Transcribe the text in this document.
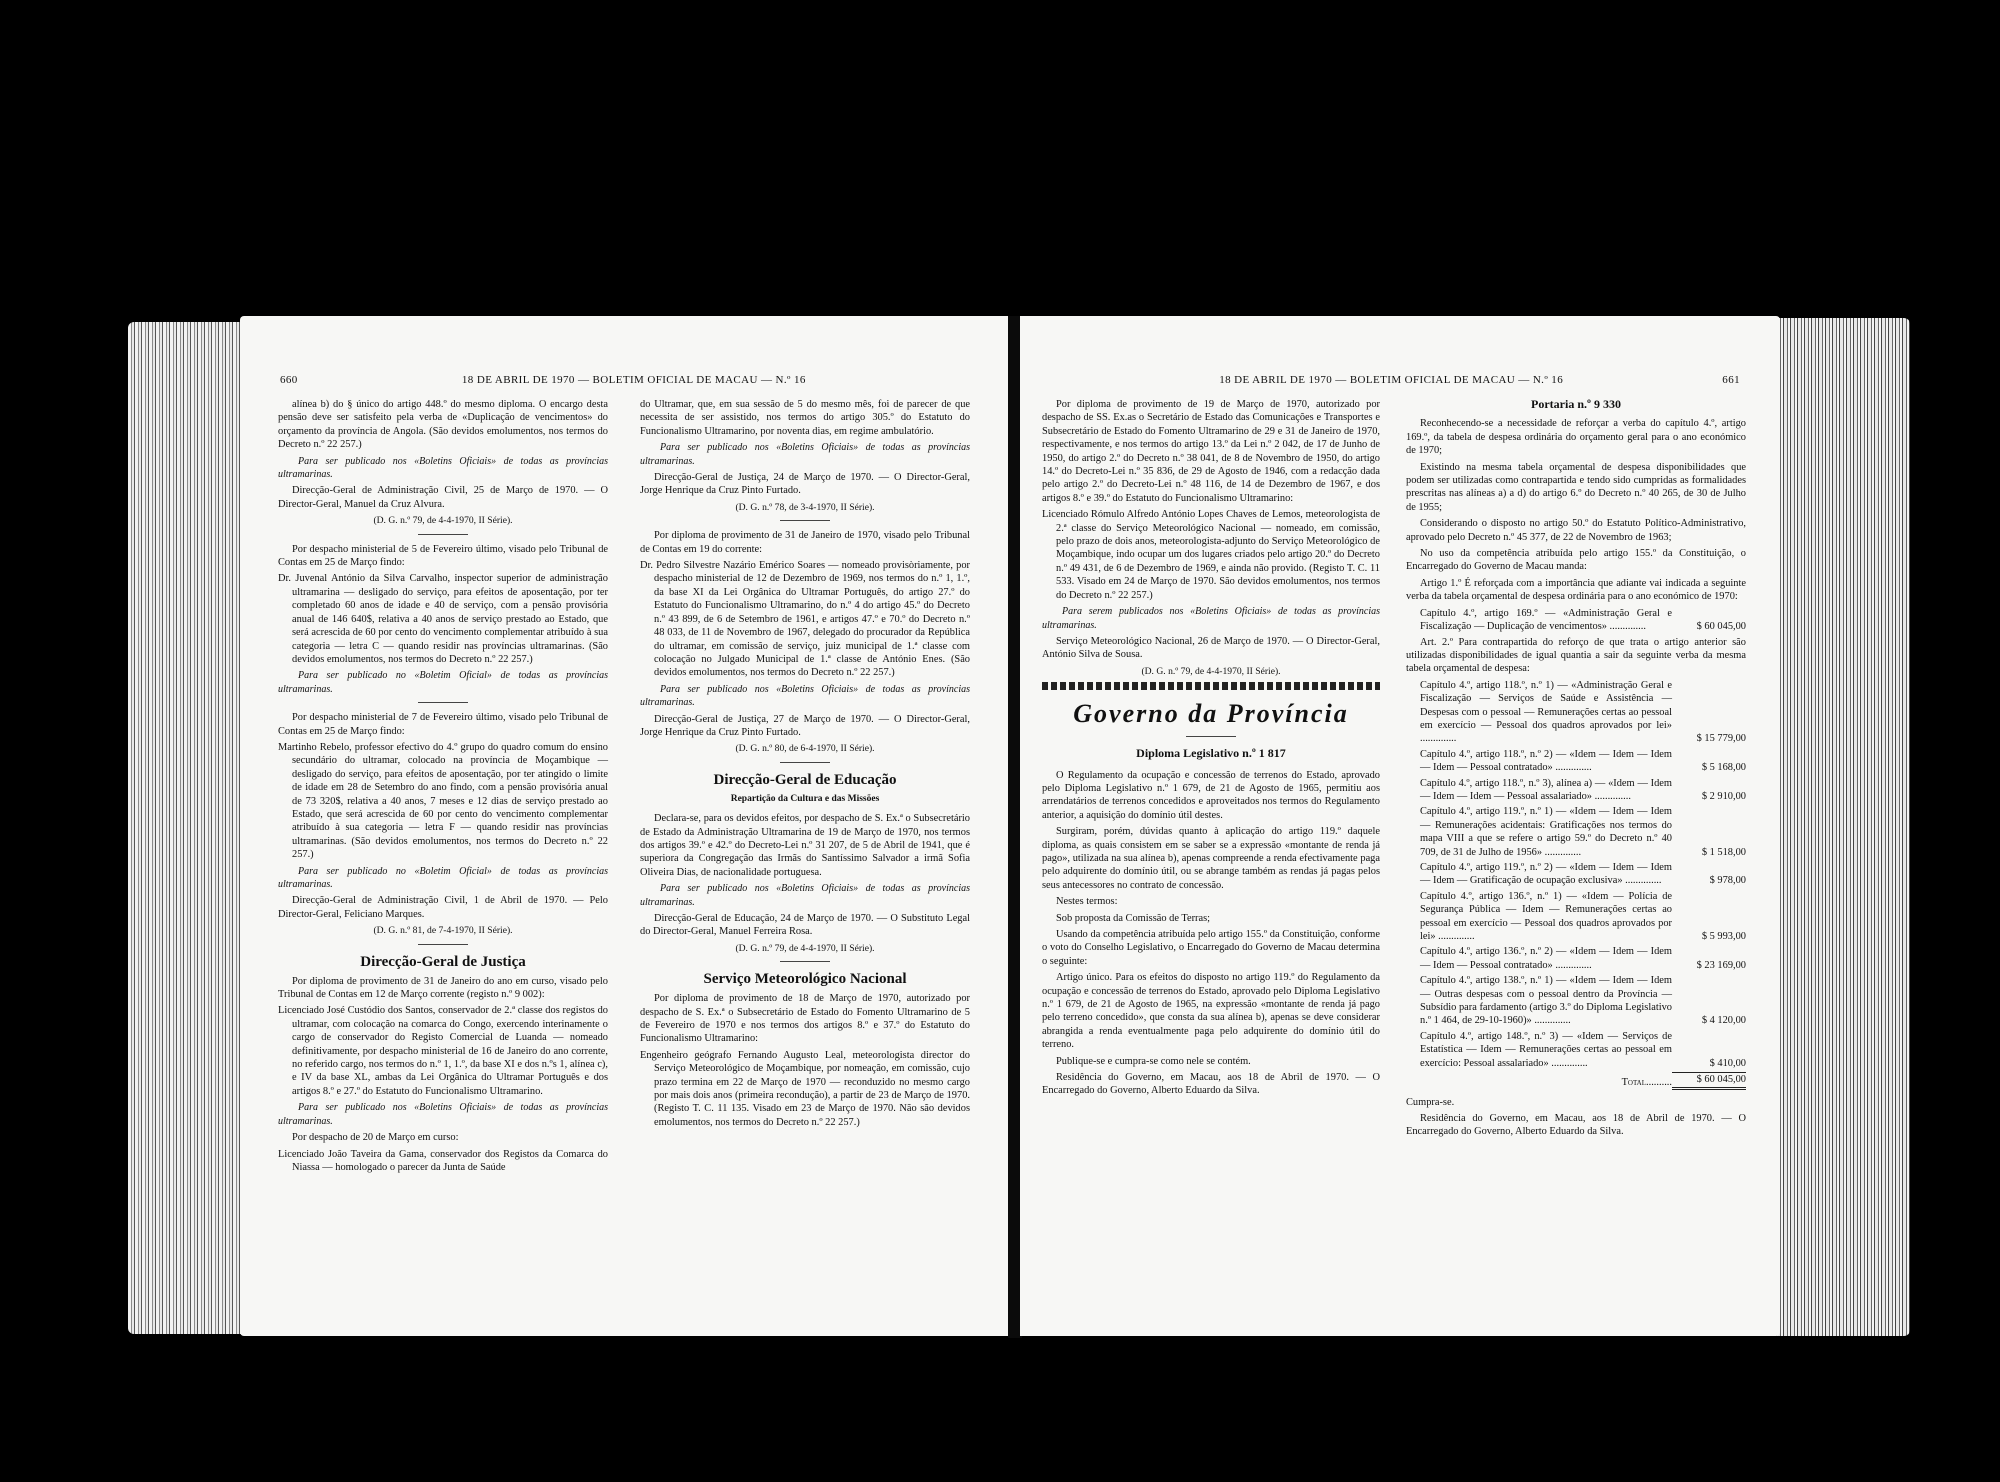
660	18 DE ABRIL DE 1970 — BOLETIM OFICIAL DE MACAU — N.º 16

alínea b) do § único do artigo 448.º do mesmo diploma. O encargo desta pensão deve ser satisfeito pela verba de «Duplicação de vencimentos» do orçamento da província de Angola. (São devidos emolumentos, nos termos do Decreto n.º 22 257.)

Para ser publicado nos «Boletins Oficiais» de todas as províncias ultramarinas.

Direcção-Geral de Administração Civil, 25 de Março de 1970. — O Director-Geral, Manuel da Cruz Alvura.

(D. G. n.º 79, de 4-4-1970, II Série).

Por despacho ministerial de 5 de Fevereiro último, visado pelo Tribunal de Contas em 25 de Março findo:

Dr. Juvenal António da Silva Carvalho, inspector superior de administração ultramarina — desligado do serviço, para efeitos de aposentação, por ter completado 60 anos de idade e 40 de serviço, com a pensão provisória anual de 146 640$, relativa a 40 anos de serviço prestado ao Estado, que será acrescida de 60 por cento do vencimento complementar atribuído à sua categoria — letra C — quando residir nas províncias ultramarinas. (São devidos emolumentos, nos termos do Decreto n.º 22 257.)

Para ser publicado no «Boletim Oficial» de todas as províncias ultramarinas.

Por despacho ministerial de 7 de Fevereiro último, visado pelo Tribunal de Contas em 25 de Março findo:

Martinho Rebelo, professor efectivo do 4.º grupo do quadro comum do ensino secundário do ultramar, colocado na província de Moçambique — desligado do serviço, para efeitos de aposentação, por ter atingido o limite de idade em 28 de Setembro do ano findo, com a pensão provisória anual de 73 320$, relativa a 40 anos, 7 meses e 12 dias de serviço prestado ao Estado, que será acrescida de 60 por cento do vencimento complementar atribuído à sua categoria — letra F — quando residir nas províncias ultramarinas. (São devidos emolumentos, nos termos do Decreto n.º 22 257.)

Para ser publicado no «Boletim Oficial» de todas as províncias ultramarinas.

Direcção-Geral de Administração Civil, 1 de Abril de 1970. — Pelo Director-Geral, Feliciano Marques.

(D. G. n.º 81, de 7-4-1970, II Série).

Direcção-Geral de Justiça

Por diploma de provimento de 31 de Janeiro do ano em curso, visado pelo Tribunal de Contas em 12 de Março corrente (registo n.º 9 002):

Licenciado José Custódio dos Santos, conservador de 2.ª classe dos registos do ultramar, com colocação na comarca do Congo, exercendo interinamente o cargo de conservador do Registo Comercial de Luanda — nomeado definitivamente, por despacho ministerial de 16 de Janeiro do ano corrente, no referido cargo, nos termos do n.º 1, 1.º, da base XI e dos n.ºs 1, alínea c), e IV da base XL, ambas da Lei Orgânica do Ultramar Português e dos artigos 8.º e 27.º do Estatuto do Funcionalismo Ultramarino.

Para ser publicado nos «Boletins Oficiais» de todas as províncias ultramarinas.

Por despacho de 20 de Março em curso:

Licenciado João Taveira da Gama, conservador dos Registos da Comarca do Niassa — homologado o parecer da Junta de Saúde

do Ultramar, que, em sua sessão de 5 do mesmo mês, foi de parecer de que necessita de ser assistido, nos termos do artigo 305.º do Estatuto do Funcionalismo Ultramarino, por noventa dias, em regime ambulatório.

Para ser publicado nos «Boletins Oficiais» de todas as províncias ultramarinas.

Direcção-Geral de Justiça, 24 de Março de 1970. — O Director-Geral, Jorge Henrique da Cruz Pinto Furtado.

(D. G. n.º 78, de 3-4-1970, II Série).

Por diploma de provimento de 31 de Janeiro de 1970, visado pelo Tribunal de Contas em 19 do corrente:

Dr. Pedro Silvestre Nazário Emérico Soares — nomeado provisòriamente, por despacho ministerial de 12 de Dezembro de 1969, nos termos do n.º 1, 1.º, da base XI da Lei Orgânica do Ultramar Português, do artigo 27.º do Estatuto do Funcionalismo Ultramarino, do n.º 4 do artigo 45.º do Decreto n.º 43 899, de 6 de Setembro de 1961, e artigos 47.º e 70.º do Decreto n.º 48 033, de 11 de Novembro de 1967, delegado do procurador da República do ultramar, em comissão de serviço, juiz municipal de 1.ª classe com colocação no Julgado Municipal de 1.ª classe de António Enes. (São devidos emolumentos, nos termos do Decreto n.º 22 257.)

Para ser publicado nos «Boletins Oficiais» de todas as províncias ultramarinas.

Direcção-Geral de Justiça, 27 de Março de 1970. — O Director-Geral, Jorge Henrique da Cruz Pinto Furtado.

(D. G. n.º 80, de 6-4-1970, II Série).

Direcção-Geral de Educação
Repartição da Cultura e das Missões

Declara-se, para os devidos efeitos, por despacho de S. Ex.ª o Subsecretário de Estado da Administração Ultramarina de 19 de Março de 1970, nos termos dos artigos 39.º e 42.º do Decreto-Lei n.º 31 207, de 5 de Abril de 1941, que é superiora da Congregação das Irmãs do Santíssimo Salvador a irmã Sofia Oliveira Dias, de nacionalidade portuguesa.

Para ser publicado nos «Boletins Oficiais» de todas as províncias ultramarinas.

Direcção-Geral de Educação, 24 de Março de 1970. — O Substituto Legal do Director-Geral, Manuel Ferreira Rosa.

(D. G. n.º 79, de 4-4-1970, II Série).

Serviço Meteorológico Nacional

Por diploma de provimento de 18 de Março de 1970, autorizado por despacho de S. Ex.ª o Subsecretário de Estado do Fomento Ultramarino de 5 de Fevereiro de 1970 e nos termos dos artigos 8.º e 37.º do Estatuto do Funcionalismo Ultramarino:

Engenheiro geógrafo Fernando Augusto Leal, meteorologista director do Serviço Meteorológico de Moçambique, por nomeação, em comissão, cujo prazo termina em 22 de Março de 1970 — reconduzido no mesmo cargo por mais dois anos (primeira recondução), a partir de 23 de Março de 1970. (Registo T. C. 11 135. Visado em 23 de Março de 1970. Não são devidos emolumentos, nos termos do Decreto n.º 22 257.)

18 DE ABRIL DE 1970 — BOLETIM OFICIAL DE MACAU — N.º 16	661

Por diploma de provimento de 19 de Março de 1970, autorizado por despacho de SS. Ex.as o Secretário de Estado das Comunicações e Transportes e Subsecretário de Estado do Fomento Ultramarino de 29 e 31 de Janeiro de 1970, respectivamente, e nos termos do artigo 13.º da Lei n.º 2 042, de 17 de Junho de 1950, do artigo 2.º do Decreto n.º 38 041, de 8 de Novembro de 1950, do artigo 14.º do Decreto-Lei n.º 35 836, de 29 de Agosto de 1946, com a redacção dada pelo artigo 2.º do Decreto-Lei n.º 48 116, de 14 de Dezembro de 1967, e dos artigos 8.º e 39.º do Estatuto do Funcionalismo Ultramarino:

Licenciado Rómulo Alfredo António Lopes Chaves de Lemos, meteorologista de 2.ª classe do Serviço Meteorológico Nacional — nomeado, em comissão, pelo prazo de dois anos, meteorologista-adjunto do Serviço Meteorológico de Moçambique, indo ocupar um dos lugares criados pelo artigo 20.º do Decreto n.º 49 431, de 6 de Dezembro de 1969, e ainda não provido. (Registo T. C. 11 533. Visado em 24 de Março de 1970. São devidos emolumentos, nos termos do Decreto n.º 22 257.)

Para serem publicados nos «Boletins Oficiais» de todas as províncias ultramarinas.

Serviço Meteorológico Nacional, 26 de Março de 1970. — O Director-Geral, António Silva de Sousa.

(D. G. n.º 79, de 4-4-1970, II Série).

Governo da Província
Diploma Legislativo n.º 1 817

O Regulamento da ocupação e concessão de terrenos do Estado, aprovado pelo Diploma Legislativo n.º 1 679, de 21 de Agosto de 1965, permitiu aos arrendatários de terrenos concedidos e aproveitados nos termos do Regulamento anterior, a aquisição do domínio útil destes.

Surgiram, porém, dúvidas quanto à aplicação do artigo 119.º daquele diploma, as quais consistem em se saber se a expressão «montante de renda já pago», utilizada na sua alínea b), apenas compreende a renda efectivamente paga pelo adquirente do domínio útil, ou se abrange também as rendas já pagas pelos seus antecessores no contrato de concessão.

Nestes termos:

Sob proposta da Comissão de Terras;

Usando da competência atribuída pelo artigo 155.º da Constituição, conforme o voto do Conselho Legislativo, o Encarregado do Governo de Macau determina o seguinte:

Artigo único. Para os efeitos do disposto no artigo 119.º do Regulamento da ocupação e concessão de terrenos do Estado, aprovado pelo Diploma Legislativo n.º 1 679, de 21 de Agosto de 1965, na expressão «montante de renda já pago pelo terreno concedido», que consta da sua alínea b), apenas se deve considerar abrangida a renda eventualmente paga pelo adquirente do domínio útil do terreno.

Publique-se e cumpra-se como nele se contém.

Residência do Governo, em Macau, aos 18 de Abril de 1970. — O Encarregado do Governo, Alberto Eduardo da Silva.

Portaria n.º 9 330

Reconhecendo-se a necessidade de reforçar a verba do capítulo 4.º, artigo 169.º, da tabela de despesa ordinária do orçamento geral para o ano económico de 1970;

Existindo na mesma tabela orçamental de despesa disponibilidades que podem ser utilizadas como contrapartida e tendo sido cumpridas as formalidades prescritas nas alíneas a) a d) do artigo 6.º do Decreto n.º 40 265, de 30 de Julho de 1955;

Considerando o disposto no artigo 50.º do Estatuto Político-Administrativo, aprovado pelo Decreto n.º 45 377, de 22 de Novembro de 1963;

No uso da competência atribuída pelo artigo 155.º da Constituição, o Encarregado do Governo de Macau manda:

Artigo 1.º É reforçada com a importância que adiante vai indicada a seguinte verba da tabela orçamental de despesa ordinária para o ano económico de 1970:

Capítulo 4.º, artigo 169.º — «Administração Geral e Fiscalização — Duplicação de vencimentos» ..............	$ 60 045,00

Art. 2.º Para contrapartida do reforço de que trata o artigo anterior são utilizadas disponibilidades de igual quantia a sair da seguinte verba da mesma tabela orçamental de despesa:

Capítulo 4.º, artigo 118.º, n.º 1) — «Administração Geral e Fiscalização — Serviços de Saúde e Assistência — Despesas com o pessoal — Remunerações certas ao pessoal em exercício — Pessoal dos quadros aprovados por lei» ..............	$ 15 779,00
Capítulo 4.º, artigo 118.º, n.º 2) — «Idem — Idem — Idem — Idem — Pessoal contratado» ..............	$ 5 168,00
Capítulo 4.º, artigo 118.º, n.º 3), alínea a) — «Idem — Idem — Idem — Idem — Pessoal assalariado» ..............	$ 2 910,00
Capítulo 4.º, artigo 119.º, n.º 1) — «Idem — Idem — Idem — Remunerações acidentais: Gratificações nos termos do mapa VIII a que se refere o artigo 59.º do Decreto n.º 40 709, de 31 de Julho de 1956» ..............	$ 1 518,00
Capítulo 4.º, artigo 119.º, n.º 2) — «Idem — Idem — Idem — Idem — Gratificação de ocupação exclusiva» ..............	$ 978,00
Capítulo 4.º, artigo 136.º, n.º 1) — «Idem — Polícia de Segurança Pública — Idem — Remunerações certas ao pessoal em exercício — Pessoal dos quadros aprovados por lei» ..............	$ 5 993,00
Capítulo 4.º, artigo 136.º, n.º 2) — «Idem — Idem — Idem — Idem — Pessoal contratado» ..............	$ 23 169,00
Capítulo 4.º, artigo 138.º, n.º 1) — «Idem — Idem — Idem — Outras despesas com o pessoal dentro da Província — Subsídio para fardamento (artigo 3.º do Diploma Legislativo n.º 1 464, de 29-10-1960)» ..............	$ 4 120,00
Capítulo 4.º, artigo 148.º, n.º 3) — «Idem — Serviços de Estatística — Idem — Remunerações certas ao pessoal em exercício: Pessoal assalariado» ..............	$ 410,00
Total..........	$ 60 045,00

Cumpra-se.

Residência do Governo, em Macau, aos 18 de Abril de 1970. — O Encarregado do Governo, Alberto Eduardo da Silva.
